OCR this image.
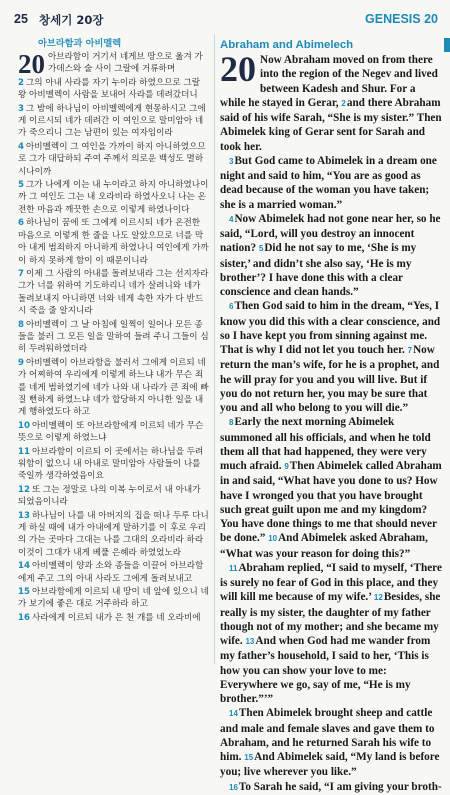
25 창세기 20장	GENESIS 20
아브라함과 아비멜렉
20 아브라함이 거기서 네게브 땅으로 옮겨 가 가데스와 술 사이 그랄에 거류하며
2 그의 아내 사라를 자기 누이라 하였으므로 그랄 왕 아비멜렉이 사람을 보내어 사라를 데려갔더니
3 그 밤에 하나님이 아비멜렉에게 현몽하시고 그에게 이르시되 네가 데려간 이 여인으로 말미암아 네가 죽으리니 그는 남편이 있는 여자임이라
4 아비멜렉이 그 여인을 가까이 하지 아니하였으므로 그가 대답하되 주여 주께서 의로운 백성도 멸하시나이까
5 그가 나에게 이는 내 누이라고 하지 아니하였나이까 그 여인도 그는 내 오라비라 하였사오니 나는 온전한 마음과 깨끗한 손으로 이렇게 하였나이다
6 하나님이 꿈에 또 그에게 이르시되 네가 온전한 마음으로 이렇게 한 줄을 나도 알았으므로 너를 막아 내게 범죄하지 아니하게 하였나니 여인에게 가까이 하지 못하게 함이 이 때문이니라
7 이제 그 사람의 아내를 돌려보내라 그는 선지자라 그가 너를 위하여 기도하리니 네가 살려니와 네가 돌려보내지 아니하면 너와 네게 속한 자가 다 반드시 죽을 줄 알지니라
8 아비멜렉이 그 날 아침에 일찍이 일어나 모든 종들을 불러 그 모든 일을 말하여 들려 주니 그들이 심히 두려워하였더라
9 아비멜렉이 아브라함을 불러서 그에게 이르되 네가 어찌하여 우리에게 이렇게 하느냐 내가 무슨 죄를 네게 범하였기에 네가 나와 내 나라가 큰 죄에 빠질 뻔하게 하였느냐 네가 합당하지 아니한 일을 내게 행하였도다 하고
10 아비멜렉이 또 아브라함에게 이르되 네가 무슨 뜻으로 이렇게 하였느냐
11 아브라함이 이르되 이 곳에서는 하나님을 두려워함이 없으니 내 아내로 말미암아 사람들이 나를 죽일까 생각하였음이요
12 또 그는 정말로 나의 이복 누이로서 내 아내가 되었음이니라
13 하나님이 나를 내 아버지의 집을 떠나 두루 다니게 하실 때에 내가 아내에게 말하기를 이 후로 우리의 가는 곳마다 그대는 나를 그대의 오라비라 하라 이것이 그대가 내게 베풀 은혜라 하였었노라
14 아비멜렉이 양과 소와 종들을 이끌어 아브라함에게 주고 그의 아내 사라도 그에게 돌려보내고
15 아브라함에게 이르되 내 땅이 네 앞에 있으니 네가 보기에 좋은 대로 거주하라 하고
16 사라에게 이르되 내가 은 천 개를 네 오라비에
Abraham and Abimelech

20 Now Abraham moved on from there into the region of the Negev and lived between Kadesh and Shur. For a while he stayed in Gerar, 2and there Abraham said of his wife Sarah, “She is my sister.” Then Abimelek king of Gerar sent for Sarah and took her.

3But God came to Abimelek in a dream one night and said to him, “You are as good as dead because of the woman you have taken; she is a married woman.”

4Now Abimelek had not gone near her, so he said, “Lord, will you destroy an innocent nation? 5Did he not say to me, ‘She is my sister,’ and didn’t she also say, ‘He is my brother’? I have done this with a clear conscience and clean hands.”

6Then God said to him in the dream, “Yes, I know you did this with a clear conscience, and so I have kept you from sinning against me. That is why I did not let you touch her. 7Now return the man’s wife, for he is a prophet, and he will pray for you and you will live. But if you do not return her, you may be sure that you and all who belong to you will die.”

8Early the next morning Abimelek summoned all his officials, and when he told them all that had happened, they were very much afraid. 9Then Abimelek called Abraham in and said, “What have you done to us? How have I wronged you that you have brought such great guilt upon me and my kingdom? You have done things to me that should never be done.” 10And Abimelek asked Abraham, “What was your reason for doing this?”

11Abraham replied, “I said to myself, ‘There is surely no fear of God in this place, and they will kill me because of my wife.’ 12Besides, she really is my sister, the daughter of my father though not of my mother; and she became my wife. 13And when God had me wander from my father’s household, I said to her, ‘This is how you can show your love to me: Everywhere we go, say of me, “He is my brother.”’”

14Then Abimelek brought sheep and cattle and male and female slaves and gave them to Abraham, and he returned Sarah his wife to him. 15And Abimelek said, “My land is before you; live wherever you like.”

16To Sarah he said, “I am giving your broth-
